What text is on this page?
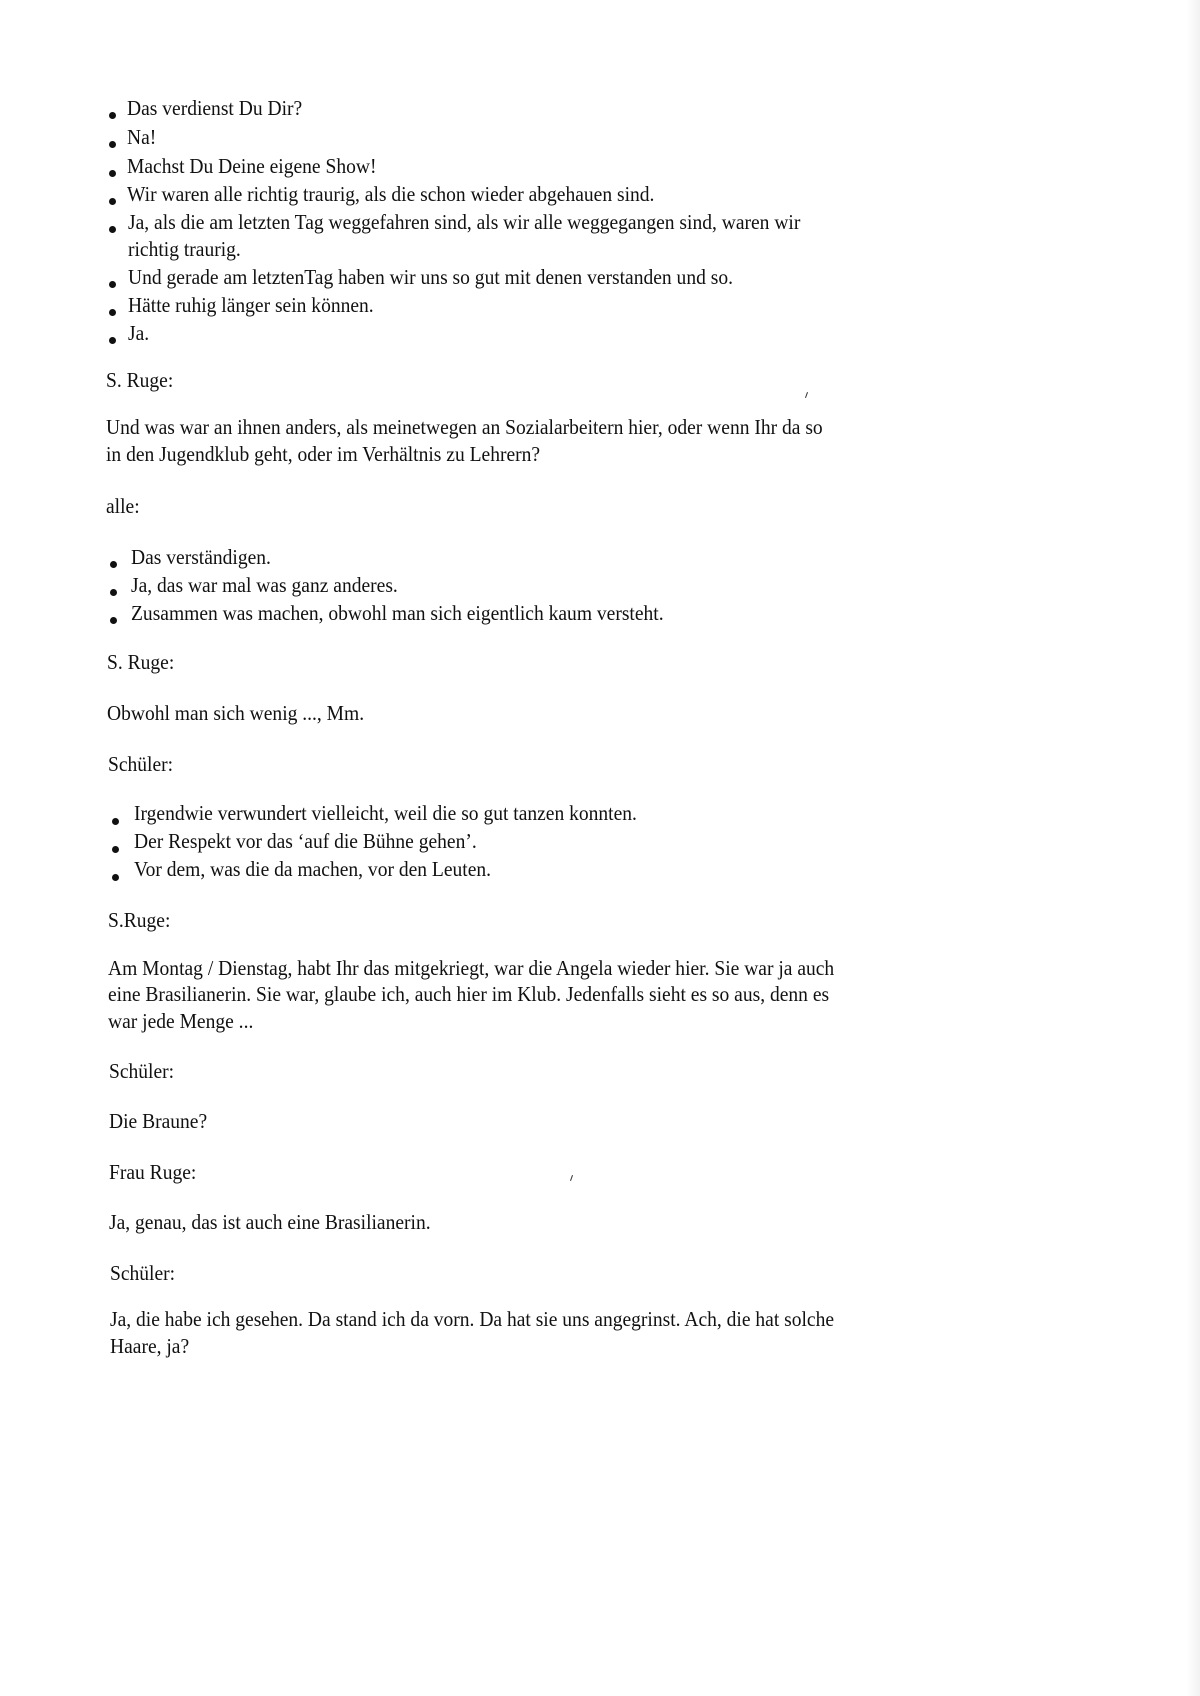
Das verdienst Du Dir?
Na!
Machst Du Deine eigene Show!
Wir waren alle richtig traurig, als die schon wieder abgehauen sind.
Ja, als die am letzten Tag weggefahren sind, als wir alle weggegangen sind, waren wir
richtig traurig.
Und gerade am letztenTag haben wir uns so gut mit denen verstanden und so.
Hätte ruhig länger sein können.
Ja.
S. Ruge:
Und was war an ihnen anders, als meinetwegen an Sozialarbeitern hier, oder wenn Ihr da so
in den Jugendklub geht, oder im Verhältnis zu Lehrern?
alle:
Das verständigen.
Ja, das war mal was ganz anderes.
Zusammen was machen, obwohl man sich eigentlich kaum versteht.
S. Ruge:
Obwohl man sich wenig ..., Mm.
Schüler:
Irgendwie verwundert vielleicht, weil die so gut tanzen konnten.
Der Respekt vor das ‘auf die Bühne gehen’.
Vor dem, was die da machen, vor den Leuten.
S.Ruge:
Am Montag / Dienstag, habt Ihr das mitgekriegt, war die Angela wieder hier. Sie war ja auch
eine Brasilianerin. Sie war, glaube ich, auch hier im Klub. Jedenfalls sieht es so aus, denn es
war jede Menge ...
Schüler:
Die Braune?
Frau Ruge:
Ja, genau, das ist auch eine Brasilianerin.
Schüler:
Ja, die habe ich gesehen. Da stand ich da vorn. Da hat sie uns angegrinst. Ach, die hat solche
Haare, ja?
